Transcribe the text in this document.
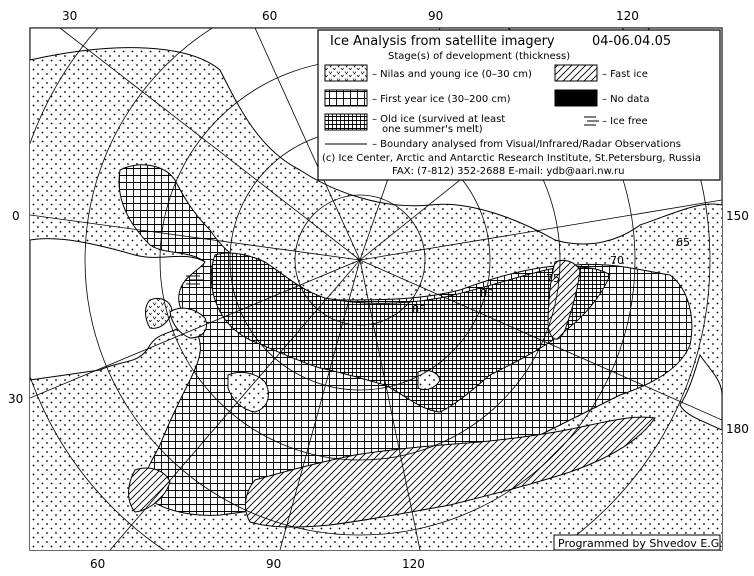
85
80
75
70
65
30	60	90	120
0
30
150
180
60	90	120
Ice Analysis from satellite imagery	04-06.04.05
Stage(s) of development (thickness)
– Nilas and young ice (0–30 cm)	– Fast ice
– First year ice (30–200 cm)	– No data
– Old ice (survived at least
one summer's melt)
– Ice free
– Boundary analysed from Visual/Infrared/Radar Observations
(c) Ice Center, Arctic and Antarctic Research Institute, St.Petersburg, Russia
FAX: (7-812) 352-2688 E-mail: ydb@aari.nw.ru
Programmed by Shvedov E.G.
